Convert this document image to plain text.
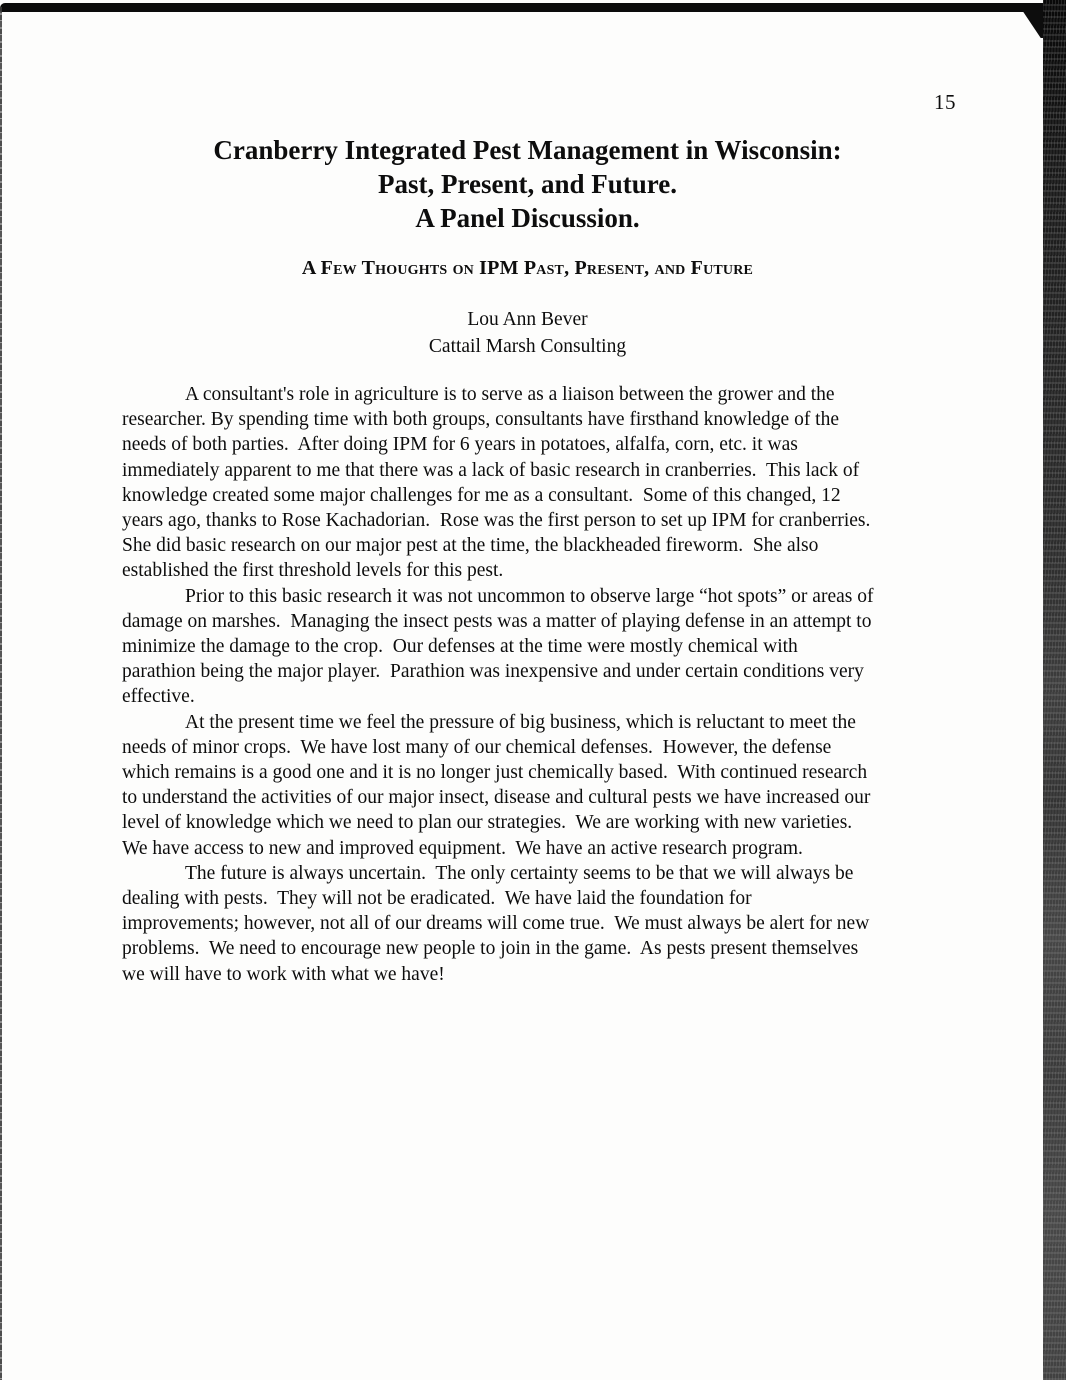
15
Cranberry Integrated Pest Management in Wisconsin:
Past, Present, and Future.
A Panel Discussion.
A Few Thoughts on IPM Past, Present, and Future
Lou Ann Bever
Cattail Marsh Consulting
A consultant's role in agriculture is to serve as a liaison between the grower and the
researcher. By spending time with both groups, consultants have firsthand knowledge of the
needs of both parties.  After doing IPM for 6 years in potatoes, alfalfa, corn, etc. it was
immediately apparent to me that there was a lack of basic research in cranberries.  This lack of
knowledge created some major challenges for me as a consultant.  Some of this changed, 12
years ago, thanks to Rose Kachadorian.  Rose was the first person to set up IPM for cranberries.
She did basic research on our major pest at the time, the blackheaded fireworm.  She also
established the first threshold levels for this pest.
Prior to this basic research it was not uncommon to observe large “hot spots” or areas of
damage on marshes.  Managing the insect pests was a matter of playing defense in an attempt to
minimize the damage to the crop.  Our defenses at the time were mostly chemical with
parathion being the major player.  Parathion was inexpensive and under certain conditions very
effective.
At the present time we feel the pressure of big business, which is reluctant to meet the
needs of minor crops.  We have lost many of our chemical defenses.  However, the defense
which remains is a good one and it is no longer just chemically based.  With continued research
to understand the activities of our major insect, disease and cultural pests we have increased our
level of knowledge which we need to plan our strategies.  We are working with new varieties.
We have access to new and improved equipment.  We have an active research program.
The future is always uncertain.  The only certainty seems to be that we will always be
dealing with pests.  They will not be eradicated.  We have laid the foundation for
improvements; however, not all of our dreams will come true.  We must always be alert for new
problems.  We need to encourage new people to join in the game.  As pests present themselves
we will have to work with what we have!
